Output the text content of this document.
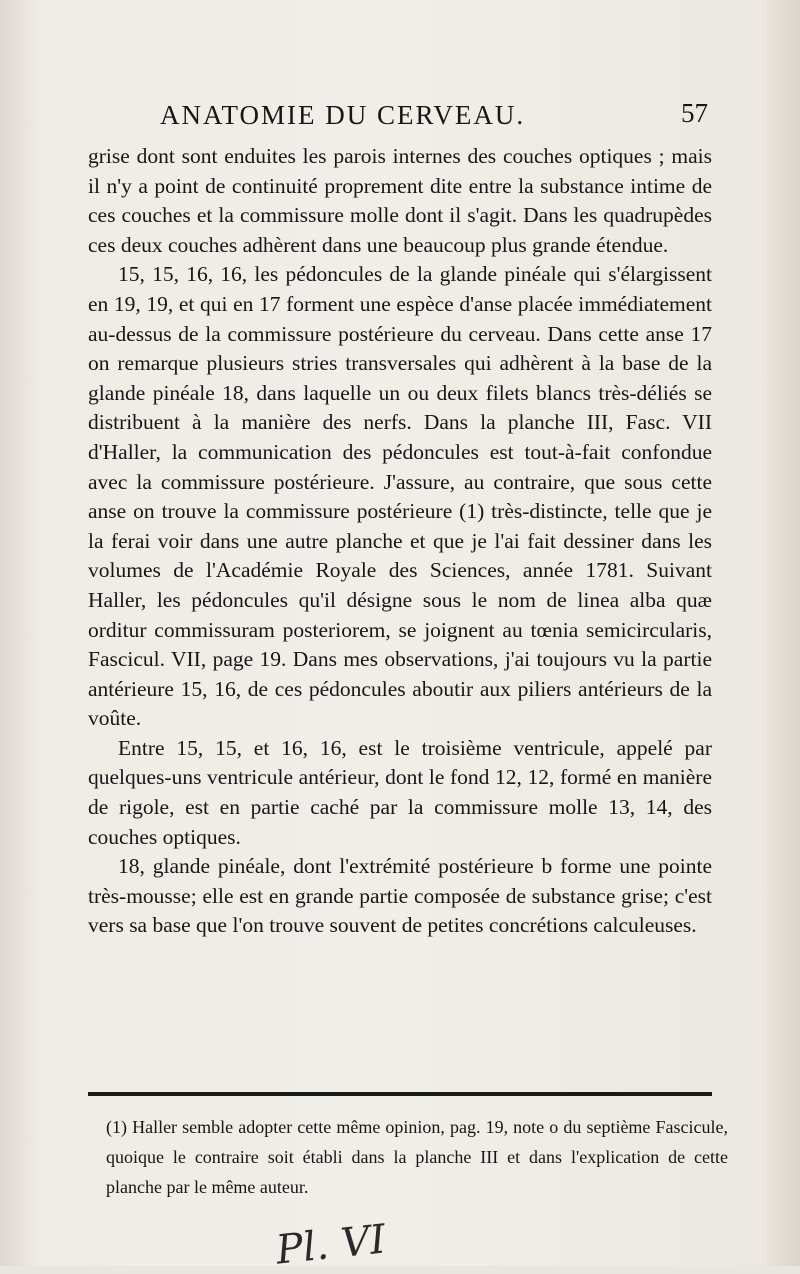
ANATOMIE DU CERVEAU.	57

grise dont sont enduites les parois internes des couches optiques ; mais il n'y a point de continuité proprement dite entre la substance intime de ces couches et la commissure molle dont il s'agit. Dans les quadrupèdes ces deux couches adhèrent dans une beaucoup plus grande étendue.

15, 15, 16, 16, les pédoncules de la glande pinéale qui s'élargissent en 19, 19, et qui en 17 forment une espèce d'anse placée immédiatement au-dessus de la commissure postérieure du cerveau. Dans cette anse 17 on remarque plusieurs stries transversales qui adhèrent à la base de la glande pinéale 18, dans laquelle un ou deux filets blancs très-déliés se distribuent à la manière des nerfs. Dans la planche III, Fasc. VII d'Haller, la communication des pédoncules est tout-à-fait confondue avec la commissure postérieure. J'assure, au contraire, que sous cette anse on trouve la commissure postérieure (1) très-distincte, telle que je la ferai voir dans une autre planche et que je l'ai fait dessiner dans les volumes de l'Académie Royale des Sciences, année 1781. Suivant Haller, les pédoncules qu'il désigne sous le nom de linea alba quæ orditur commissuram posteriorem, se joignent au tœnia semicircularis, Fascicul. VII, page 19. Dans mes observations, j'ai toujours vu la partie antérieure 15, 16, de ces pédoncules aboutir aux piliers antérieurs de la voûte.

Entre 15, 15, et 16, 16, est le troisième ventricule, appelé par quelques-uns ventricule antérieur, dont le fond 12, 12, formé en manière de rigole, est en partie caché par la commissure molle 13, 14, des couches optiques.

18, glande pinéale, dont l'extrémité postérieure b forme une pointe très-mousse; elle est en grande partie composée de substance grise; c'est vers sa base que l'on trouve souvent de petites concrétions calculeuses.

(1) Haller semble adopter cette même opinion, pag. 19, note o du septième Fascicule, quoique le contraire soit établi dans la planche III et dans l'explication de cette planche par le même auteur.

Pl. VI
